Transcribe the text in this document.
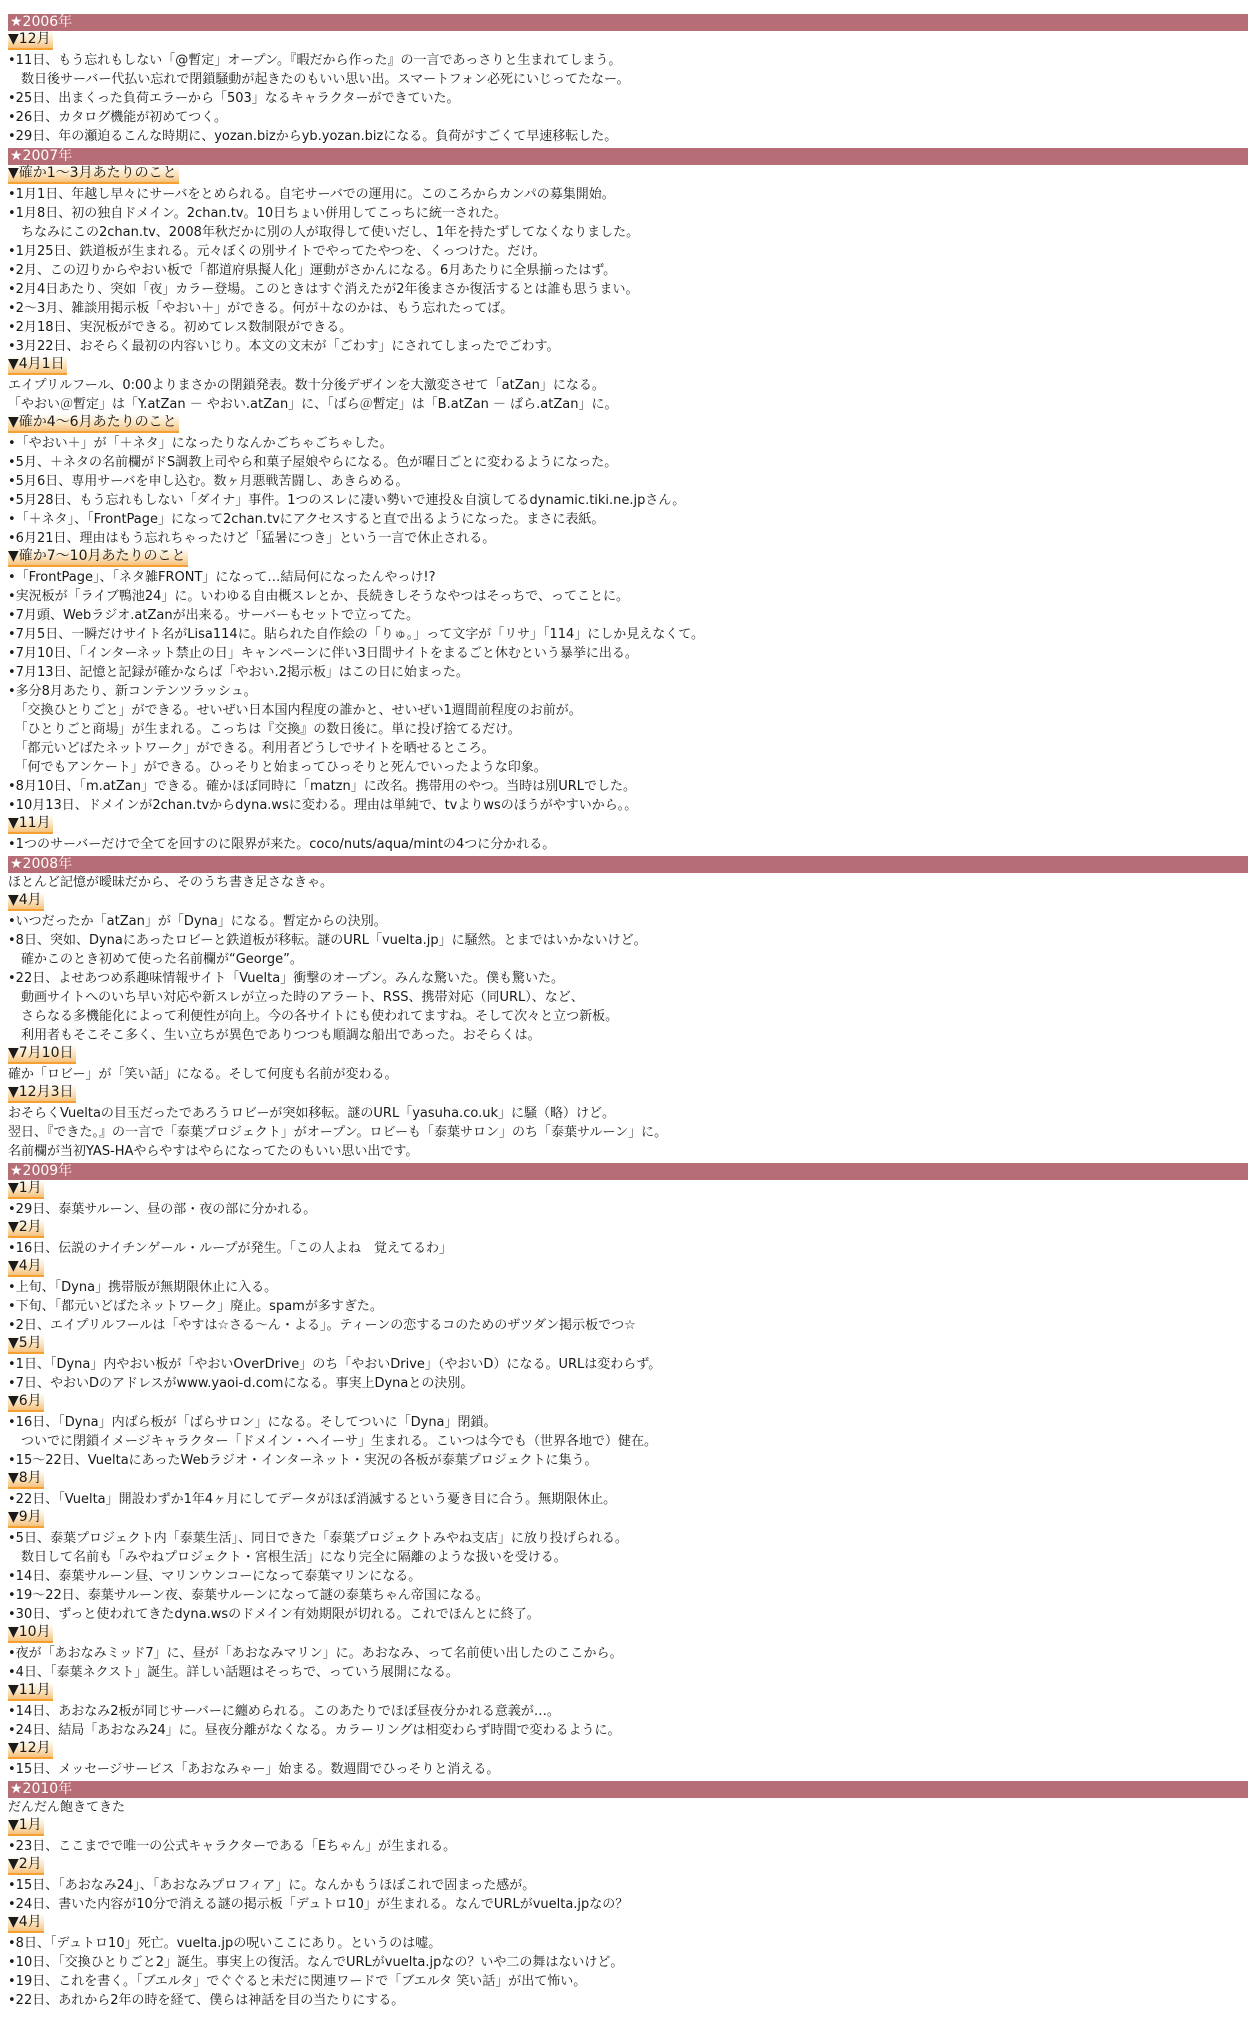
★2006年
▼12月
•11日、もう忘れもしない「@暫定」オープン。『暇だから作った』の一言であっさりと生まれてしまう。
　数日後サーバー代払い忘れで閉鎖騒動が起きたのもいい思い出。スマートフォン必死にいじってたなー。
•25日、出まくった負荷エラーから「503」なるキャラクターができていた。
•26日、カタログ機能が初めてつく。
•29日、年の瀬迫るこんな時期に、yozan.bizからyb.yozan.bizになる。負荷がすごくて早速移転した。
★2007年
▼確か1～3月あたりのこと
•1月1日、年越し早々にサーバをとめられる。自宅サーバでの運用に。このころからカンパの募集開始。
•1月8日、初の独自ドメイン。2chan.tv。10日ちょい併用してこっちに統一された。
　ちなみにこの2chan.tv、2008年秋だかに別の人が取得して使いだし、1年を持たずしてなくなりました。
•1月25日、鉄道板が生まれる。元々ぼくの別サイトでやってたやつを、くっつけた。だけ。
•2月、この辺りからやおい板で「都道府県擬人化」運動がさかんになる。6月あたりに全県揃ったはず。
•2月4日あたり、突如「夜」カラー登場。このときはすぐ消えたが2年後まさか復活するとは誰も思うまい。
•2～3月、雑談用掲示板「やおい＋」ができる。何が＋なのかは、もう忘れたってば。
•2月18日、実況板ができる。初めてレス数制限ができる。
•3月22日、おそらく最初の内容いじり。本文の文末が「ごわす」にされてしまったでごわす。
▼4月1日
エイプリルフール、0:00よりまさかの閉鎖発表。数十分後デザインを大激変させて「atZan」になる。
「やおい＠暫定」は「Y.atZan － やおい.atZan」に、「ばら＠暫定」は「B.atZan － ばら.atZan」に。
▼確か4～6月あたりのこと
•「やおい＋」が「＋ネタ」になったりなんかごちゃごちゃした。
•5月、＋ネタの名前欄がドS調教上司やら和菓子屋娘やらになる。色が曜日ごとに変わるようになった。
•5月6日、専用サーバを申し込む。数ヶ月悪戦苦闘し、あきらめる。
•5月28日、もう忘れもしない「ダイナ」事件。1つのスレに凄い勢いで連投＆自演してるdynamic.tiki.ne.jpさん。
•「＋ネタ」、「FrontPage」になって2chan.tvにアクセスすると直で出るようになった。まさに表紙。
•6月21日、理由はもう忘れちゃったけど「猛暑につき」という一言で休止される。
▼確か7～10月あたりのこと
•「FrontPage」、「ネタ雑FRONT」になって…結局何になったんやっけ!?
•実況板が「ライブ鴨池24」に。いわゆる自由概スレとか、長続きしそうなやつはそっちで、ってことに。
•7月頭、Webラジオ.atZanが出来る。サーバーもセットで立ってた。
•7月5日、一瞬だけサイト名がLisa114に。貼られた自作絵の「りゅ。」って文字が「リサ」「114」にしか見えなくて。
•7月10日、「インターネット禁止の日」キャンペーンに伴い3日間サイトをまるごと休むという暴挙に出る。
•7月13日、記憶と記録が確かならば「やおい.2掲示板」はこの日に始まった。
•多分8月あたり、新コンテンツラッシュ。
　「交換ひとりごと」ができる。せいぜい日本国内程度の誰かと、せいぜい1週間前程度のお前が。
　「ひとりごと商場」が生まれる。こっちは『交換』の数日後に。単に投げ捨てるだけ。
　「都元いどばたネットワーク」ができる。利用者どうしでサイトを晒せるところ。
　「何でもアンケート」ができる。ひっそりと始まってひっそりと死んでいったような印象。
•8月10日、「m.atZan」できる。確かほぼ同時に「matzn」に改名。携帯用のやつ。当時は別URLでした。
•10月13日、ドメインが2chan.tvからdyna.wsに変わる。理由は単純で、tvよりwsのほうがやすいから。。
▼11月
•1つのサーバーだけで全てを回すのに限界が来た。coco/nuts/aqua/mintの4つに分かれる。
★2008年
ほとんど記憶が曖昧だから、そのうち書き足さなきゃ。
▼4月
•いつだったか「atZan」が「Dyna」になる。暫定からの決別。
•8日、突如、Dynaにあったロビーと鉄道板が移転。謎のURL「vuelta.jp」に騒然。とまではいかないけど。
　確かこのとき初めて使った名前欄が“George”。
•22日、よせあつめ系趣味情報サイト「Vuelta」衝撃のオープン。みんな驚いた。僕も驚いた。
　動画サイトへのいち早い対応や新スレが立った時のアラート、RSS、携帯対応（同URL）、など、
　さらなる多機能化によって利便性が向上。今の各サイトにも使われてますね。そして次々と立つ新板。
　利用者もそこそこ多く、生い立ちが異色でありつつも順調な船出であった。おそらくは。
▼7月10日
確か「ロビー」が「笑い話」になる。そして何度も名前が変わる。
▼12月3日
おそらくVueltaの目玉だったであろうロビーが突如移転。謎のURL「yasuha.co.uk」に騒（略）けど。
翌日、『できた。』の一言で「泰葉プロジェクト」がオープン。ロビーも「泰葉サロン」のち「泰葉サルーン」に。
名前欄が当初YAS-HAやらやすはやらになってたのもいい思い出です。
★2009年
▼1月
•29日、泰葉サルーン、昼の部・夜の部に分かれる。
▼2月
•16日、伝説のナイチンゲール・ループが発生。「この人よね　覚えてるわ」
▼4月
•上旬、「Dyna」携帯版が無期限休止に入る。
•下旬、「都元いどばたネットワーク」廃止。spamが多すぎた。
•2日、エイプリルフールは「やすは☆さる～ん・よる」。ティーンの恋するコのためのザツダン掲示板でつ☆
▼5月
•1日、「Dyna」内やおい板が「やおいOverDrive」のち「やおいDrive」（やおいD）になる。URLは変わらず。
•7日、やおいDのアドレスがwww.yaoi-d.comになる。事実上Dynaとの決別。
▼6月
•16日、「Dyna」内ばら板が「ばらサロン」になる。そしてついに「Dyna」閉鎖。
　ついでに閉鎖イメージキャラクター「ドメイン・ヘイーサ」生まれる。こいつは今でも（世界各地で）健在。
•15～22日、VueltaにあったWebラジオ・インターネット・実況の各板が泰葉プロジェクトに集う。
▼8月
•22日、「Vuelta」開設わずか1年4ヶ月にしてデータがほぼ消滅するという憂き目に合う。無期限休止。
▼9月
•5日、泰葉プロジェクト内「泰葉生活」、同日できた「泰葉プロジェクトみやね支店」に放り投げられる。
　数日して名前も「みやねプロジェクト・宮根生活」になり完全に隔離のような扱いを受ける。
•14日、泰葉サルーン昼、マリンウンコーになって泰葉マリンになる。
•19～22日、泰葉サルーン夜、泰葉サルーンになって謎の泰葉ちゃん帝国になる。
•30日、ずっと使われてきたdyna.wsのドメイン有効期限が切れる。これでほんとに終了。
▼10月
•夜が「あおなみミッド7」に、昼が「あおなみマリン」に。あおなみ、って名前使い出したのここから。
•4日、「泰葉ネクスト」誕生。詳しい話題はそっちで、っていう展開になる。
▼11月
•14日、あおなみ2板が同じサーバーに纏められる。このあたりでほぼ昼夜分かれる意義が…。
•24日、結局「あおなみ24」に。昼夜分離がなくなる。カラーリングは相変わらず時間で変わるように。
▼12月
•15日、メッセージサービス「あおなみゃー」始まる。数週間でひっそりと消える。
★2010年
だんだん飽きてきた
▼1月
•23日、ここまでで唯一の公式キャラクターである「Eちゃん」が生まれる。
▼2月
•15日、「あおなみ24」、「あおなみプロフィア」に。なんかもうほぼこれで固まった感が。
•24日、書いた内容が10分で消える謎の掲示板「デュトロ10」が生まれる。なんでURLがvuelta.jpなの？
▼4月
•8日、「デュトロ10」死亡。vuelta.jpの呪いここにあり。というのは嘘。
•10日、「交換ひとりごと2」誕生。事実上の復活。なんでURLがvuelta.jpなの？いや二の舞はないけど。
•19日、これを書く。「ブエルタ」でぐぐると未だに関連ワードで「ブエルタ 笑い話」が出て怖い。
•22日、あれから2年の時を経て、僕らは神話を目の当たりにする。
